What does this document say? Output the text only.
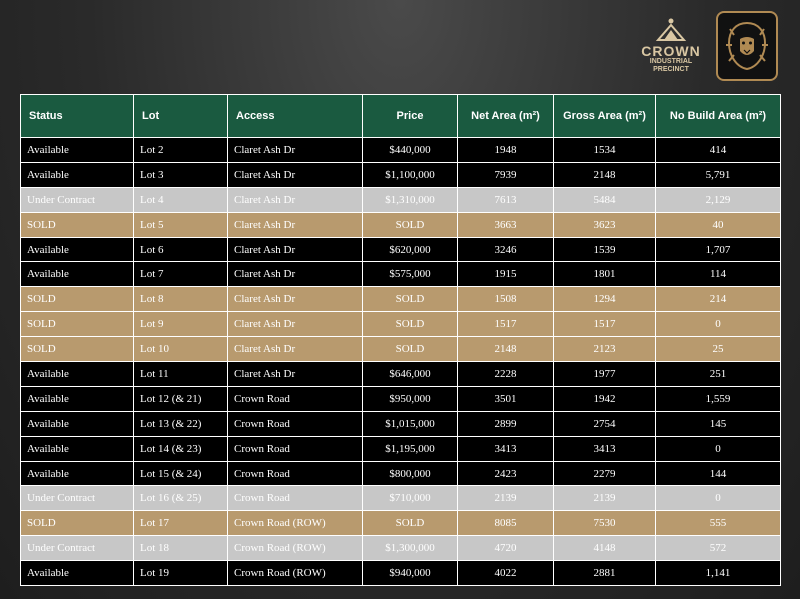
CROWN
INDUSTRIAL
PRECINCT
Status	Lot	Access	Price	Net Area (m²)	Gross Area (m²)	No Build Area (m²)
Available	Lot 2	Claret Ash Dr	$440,000	1948	1534	414
Available	Lot 3	Claret Ash Dr	$1,100,000	7939	2148	5,791
Under Contract	Lot 4	Claret Ash Dr	$1,310,000	7613	5484	2,129
SOLD	Lot 5	Claret Ash Dr	SOLD	3663	3623	40
Available	Lot 6	Claret Ash Dr	$620,000	3246	1539	1,707
Available	Lot 7	Claret Ash Dr	$575,000	1915	1801	114
SOLD	Lot 8	Claret Ash Dr	SOLD	1508	1294	214
SOLD	Lot 9	Claret Ash Dr	SOLD	1517	1517	0
SOLD	Lot 10	Claret Ash Dr	SOLD	2148	2123	25
Available	Lot 11	Claret Ash Dr	$646,000	2228	1977	251
Available	Lot 12 (& 21)	Crown Road	$950,000	3501	1942	1,559
Available	Lot 13 (& 22)	Crown Road	$1,015,000	2899	2754	145
Available	Lot 14 (& 23)	Crown Road	$1,195,000	3413	3413	0
Available	Lot 15 (& 24)	Crown Road	$800,000	2423	2279	144
Under Contract	Lot 16 (& 25)	Crown Road	$710,000	2139	2139	0
SOLD	Lot 17	Crown Road (ROW)	SOLD	8085	7530	555
Under Contract	Lot 18	Crown Road (ROW)	$1,300,000	4720	4148	572
Available	Lot 19	Crown Road (ROW)	$940,000	4022	2881	1,141
